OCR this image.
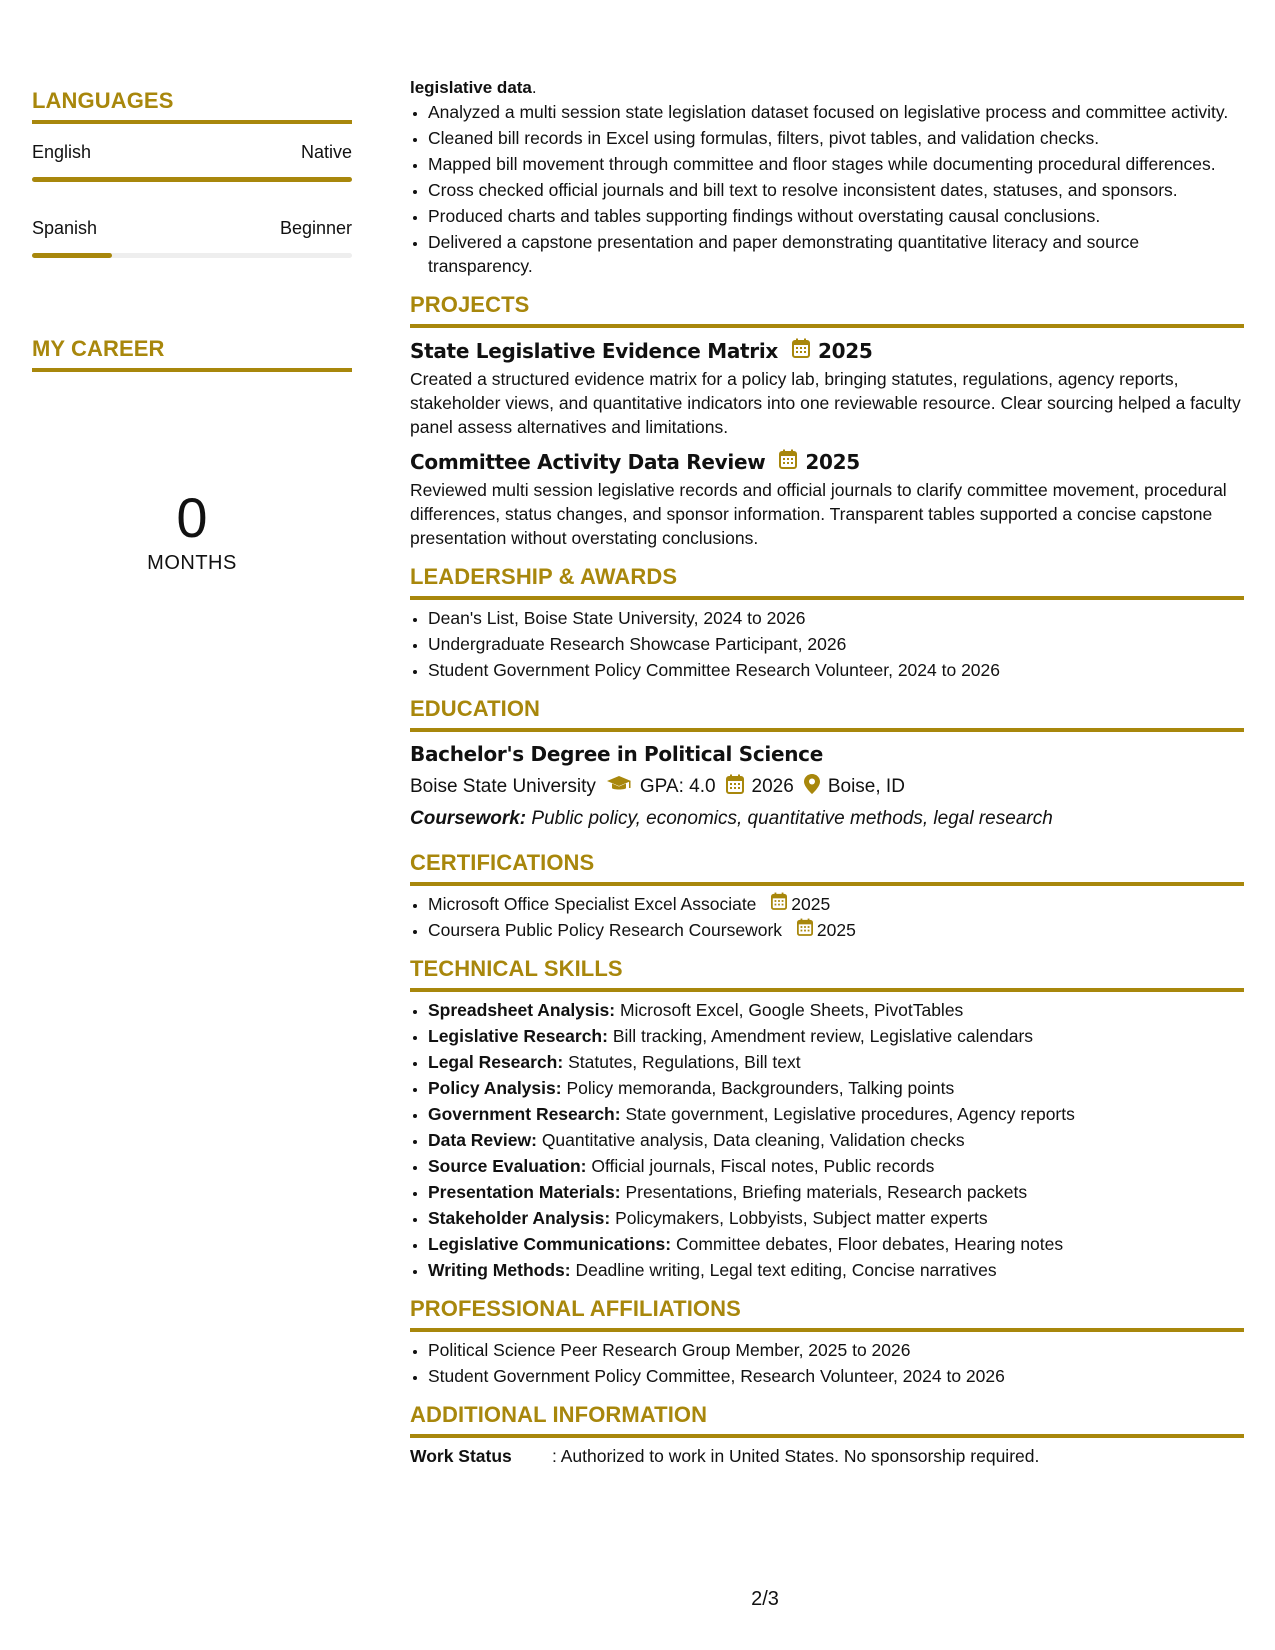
LANGUAGES
English	Native
Spanish	Beginner
MY CAREER
0
MONTHS
legislative data.
• Analyzed a multi session state legislation dataset focused on legislative process and committee activity.
• Cleaned bill records in Excel using formulas, filters, pivot tables, and validation checks.
• Mapped bill movement through committee and floor stages while documenting procedural differences.
• Cross checked official journals and bill text to resolve inconsistent dates, statuses, and sponsors.
• Produced charts and tables supporting findings without overstating causal conclusions.
• Delivered a capstone presentation and paper demonstrating quantitative literacy and source transparency.
PROJECTS
State Legislative Evidence Matrix 2025
Created a structured evidence matrix for a policy lab, bringing statutes, regulations, agency reports, stakeholder views, and quantitative indicators into one reviewable resource. Clear sourcing helped a faculty panel assess alternatives and limitations.
Committee Activity Data Review 2025
Reviewed multi session legislative records and official journals to clarify committee movement, procedural differences, status changes, and sponsor information. Transparent tables supported a concise capstone presentation without overstating conclusions.
LEADERSHIP & AWARDS
• Dean's List, Boise State University, 2024 to 2026
• Undergraduate Research Showcase Participant, 2026
• Student Government Policy Committee Research Volunteer, 2024 to 2026
EDUCATION
Bachelor's Degree in Political Science
Boise State University GPA: 4.0 2026 Boise, ID
Coursework: Public policy, economics, quantitative methods, legal research
CERTIFICATIONS
• Microsoft Office Specialist Excel Associate 2025
• Coursera Public Policy Research Coursework 2025
TECHNICAL SKILLS
• Spreadsheet Analysis: Microsoft Excel, Google Sheets, PivotTables
• Legislative Research: Bill tracking, Amendment review, Legislative calendars
• Legal Research: Statutes, Regulations, Bill text
• Policy Analysis: Policy memoranda, Backgrounders, Talking points
• Government Research: State government, Legislative procedures, Agency reports
• Data Review: Quantitative analysis, Data cleaning, Validation checks
• Source Evaluation: Official journals, Fiscal notes, Public records
• Presentation Materials: Presentations, Briefing materials, Research packets
• Stakeholder Analysis: Policymakers, Lobbyists, Subject matter experts
• Legislative Communications: Committee debates, Floor debates, Hearing notes
• Writing Methods: Deadline writing, Legal text editing, Concise narratives
PROFESSIONAL AFFILIATIONS
• Political Science Peer Research Group Member, 2025 to 2026
• Student Government Policy Committee, Research Volunteer, 2024 to 2026
ADDITIONAL INFORMATION
Work Status	: Authorized to work in United States. No sponsorship required.
2/3
